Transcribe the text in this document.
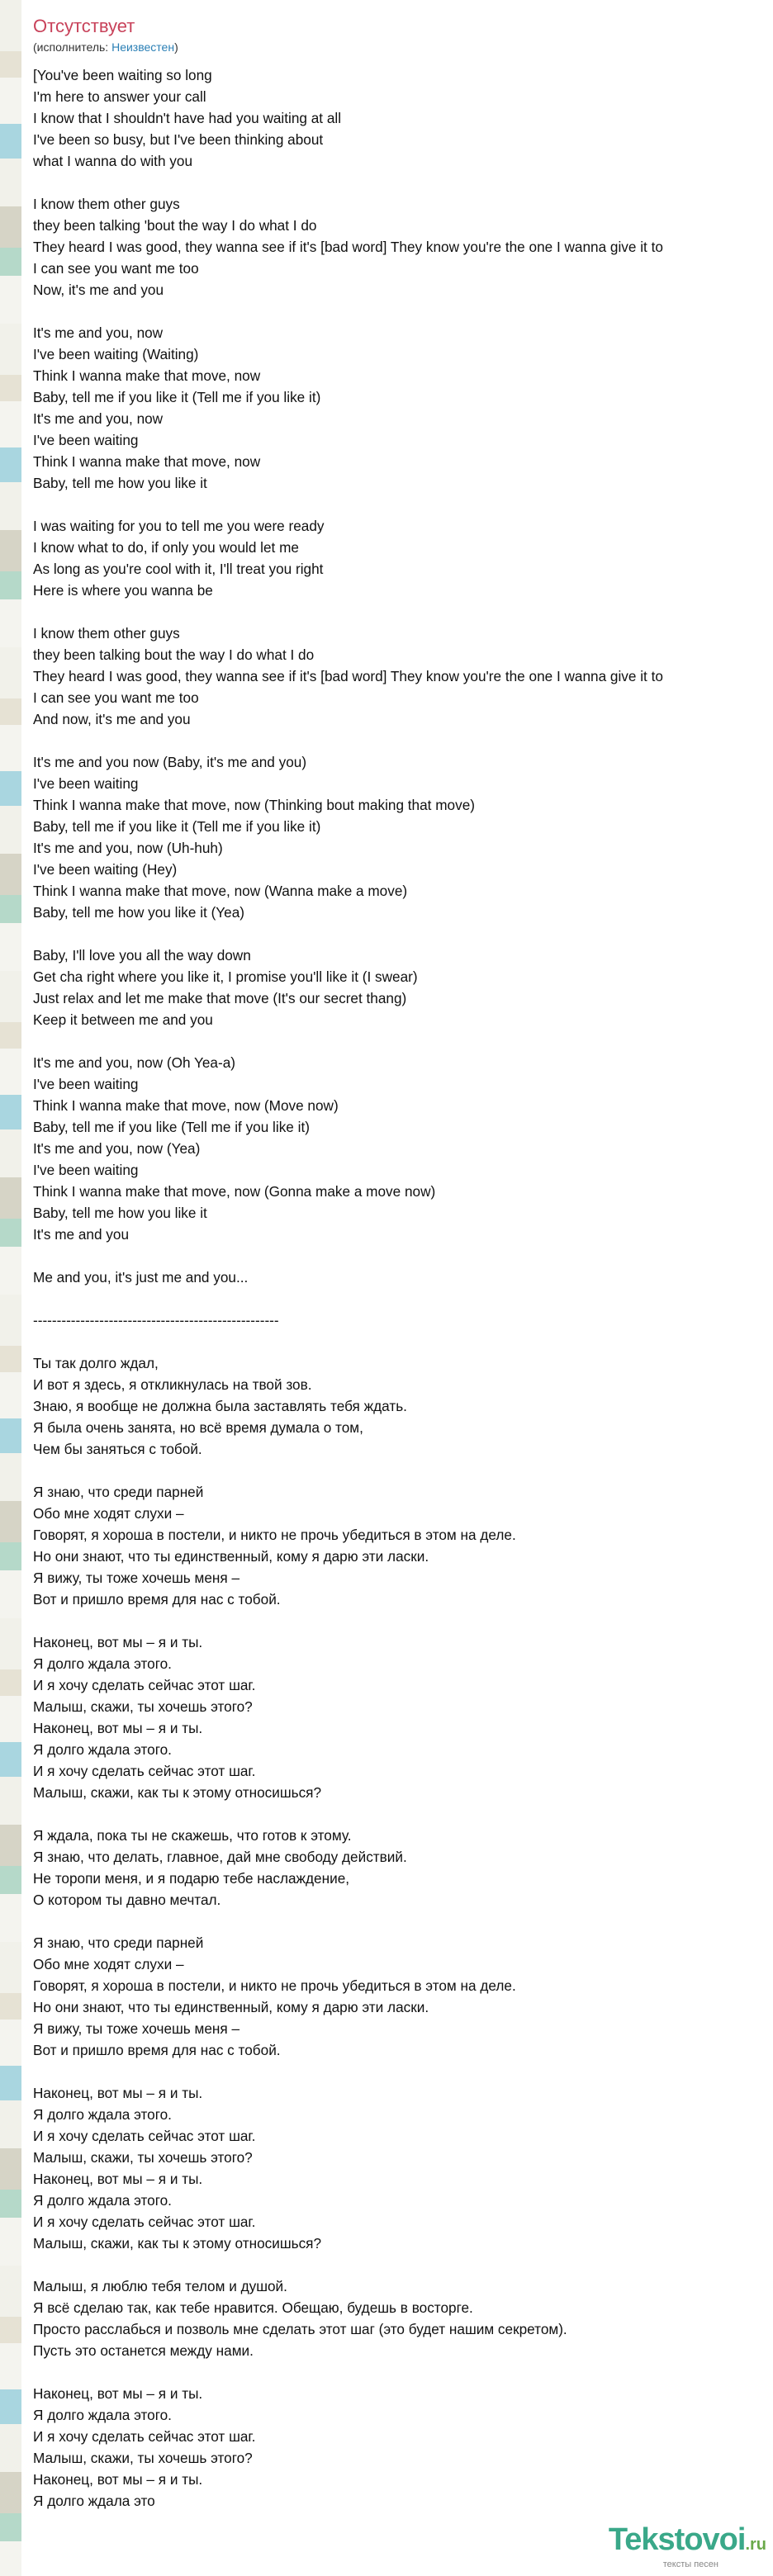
Отсутствует
(исполнитель: Неизвестен)
[You've been waiting so long
I'm here to answer your call
I know that I shouldn't have had you waiting at all
I've been so busy, but I've been thinking about
what I wanna do with you

I know them other guys
they been talking 'bout the way I do what I do
They heard I was good, they wanna see if it's [bad word] They know you're the one I wanna give it to
I can see you want me too
Now, it's me and you

It's me and you, now
I've been waiting (Waiting)
Think I wanna make that move, now
Baby, tell me if you like it (Tell me if you like it)
It's me and you, now
I've been waiting
Think I wanna make that move, now
Baby, tell me how you like it

I was waiting for you to tell me you were ready
I know what to do, if only you would let me
As long as you're cool with it, I'll treat you right
Here is where you wanna be

I know them other guys
they been talking bout the way I do what I do
They heard I was good, they wanna see if it's [bad word] They know you're the one I wanna give it to
I can see you want me too
And now, it's me and you

It's me and you now (Baby, it's me and you)
I've been waiting
Think I wanna make that move, now (Thinking bout making that move)
Baby, tell me if you like it (Tell me if you like it)
It's me and you, now (Uh-huh)
I've been waiting (Hey)
Think I wanna make that move, now (Wanna make a move)
Baby, tell me how you like it (Yea)

Baby, I'll love you all the way down
Get cha right where you like it, I promise you'll like it (I swear)
Just relax and let me make that move (It's our secret thang)
Keep it between me and you

It's me and you, now (Oh Yea-a)
I've been waiting
Think I wanna make that move, now (Move now)
Baby, tell me if you like (Tell me if you like it)
It's me and you, now (Yea)
I've been waiting
Think I wanna make that move, now (Gonna make a move now)
Baby, tell me how you like it
It's me and you

Me and you, it's just me and you...

----------------------------------------------------

Ты так долго ждал,
И вот я здесь, я откликнулась на твой зов.
Знаю, я вообще не должна была заставлять тебя ждать.
Я была очень занята, но всё время думала о том,
Чем бы заняться с тобой.

Я знаю, что среди парней
Обо мне ходят слухи –
Говорят, я хороша в постели, и никто не прочь убедиться в этом на деле.
Но они знают, что ты единственный, кому я дарю эти ласки.
Я вижу, ты тоже хочешь меня –
Вот и пришло время для нас с тобой.

Наконец, вот мы – я и ты.
Я долго ждала этого.
И я хочу сделать сейчас этот шаг.
Малыш, скажи, ты хочешь этого?
Наконец, вот мы – я и ты.
Я долго ждала этого.
И я хочу сделать сейчас этот шаг.
Малыш, скажи, как ты к этому относишься?

Я ждала, пока ты не скажешь, что готов к этому.
Я знаю, что делать, главное, дай мне свободу действий.
Не торопи меня, и я подарю тебе наслаждение,
О котором ты давно мечтал.

Я знаю, что среди парней
Обо мне ходят слухи –
Говорят, я хороша в постели, и никто не прочь убедиться в этом на деле.
Но они знают, что ты единственный, кому я дарю эти ласки.
Я вижу, ты тоже хочешь меня –
Вот и пришло время для нас с тобой.

Наконец, вот мы – я и ты.
Я долго ждала этого.
И я хочу сделать сейчас этот шаг.
Малыш, скажи, ты хочешь этого?
Наконец, вот мы – я и ты.
Я долго ждала этого.
И я хочу сделать сейчас этот шаг.
Малыш, скажи, как ты к этому относишься?

Малыш, я люблю тебя телом и душой.
Я всё сделаю так, как тебе нравится. Обещаю, будешь в восторге.
Просто расслабься и позволь мне сделать этот шаг (это будет нашим секретом).
Пусть это останется между нами.

Наконец, вот мы – я и ты.
Я долго ждала этого.
И я хочу сделать сейчас этот шаг.
Малыш, скажи, ты хочешь этого?
Наконец, вот мы – я и ты.
Я долго ждала это
Tekstovoi.ru
тексты песен
